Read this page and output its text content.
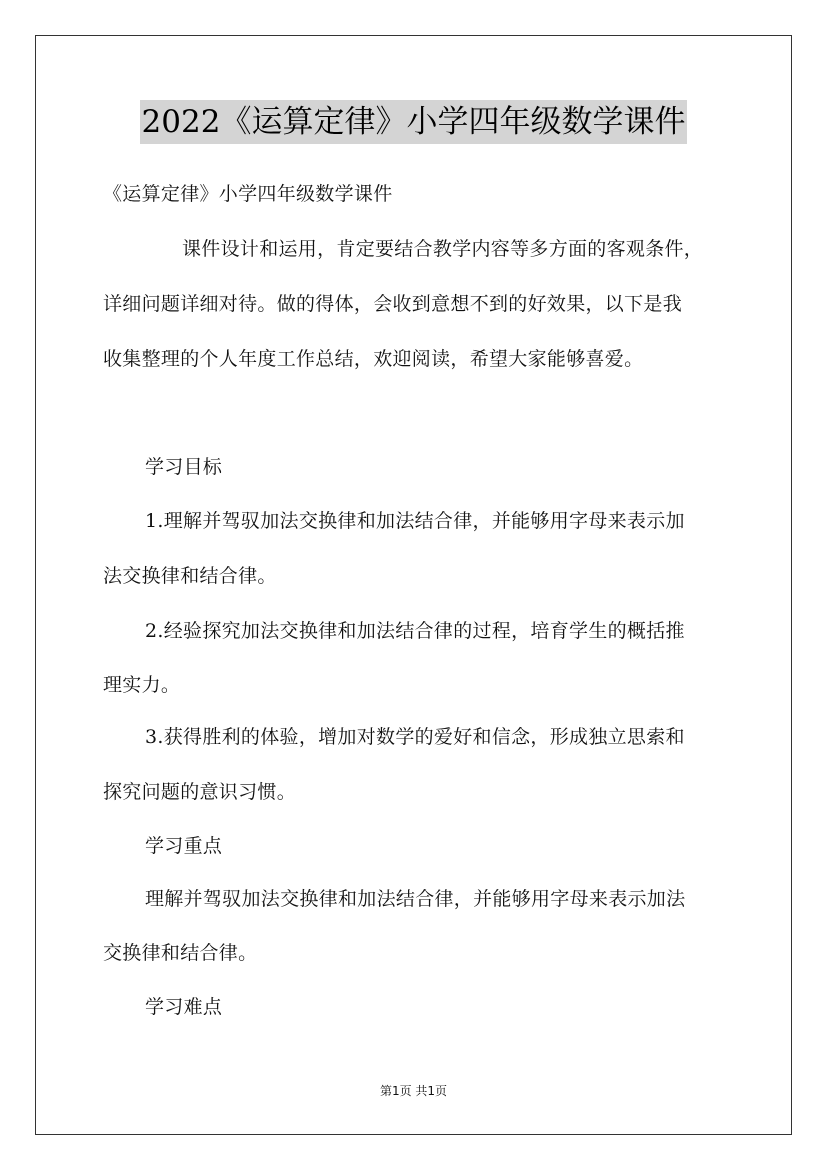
2022《运算定律》小学四年级数学课件
《运算定律》小学四年级数学课件
课件设计和运用，肯定要结合教学内容等多方面的客观条件，
详细问题详细对待。做的得体，会收到意想不到的好效果，以下是我
收集整理的个人年度工作总结，欢迎阅读，希望大家能够喜爱。
学习目标
1.理解并驾驭加法交换律和加法结合律，并能够用字母来表示加
法交换律和结合律。
2.经验探究加法交换律和加法结合律的过程，培育学生的概括推
理实力。
3.获得胜利的体验，增加对数学的爱好和信念，形成独立思索和
探究问题的意识习惯。
学习重点
理解并驾驭加法交换律和加法结合律，并能够用字母来表示加法
交换律和结合律。
学习难点
第1页 共1页
